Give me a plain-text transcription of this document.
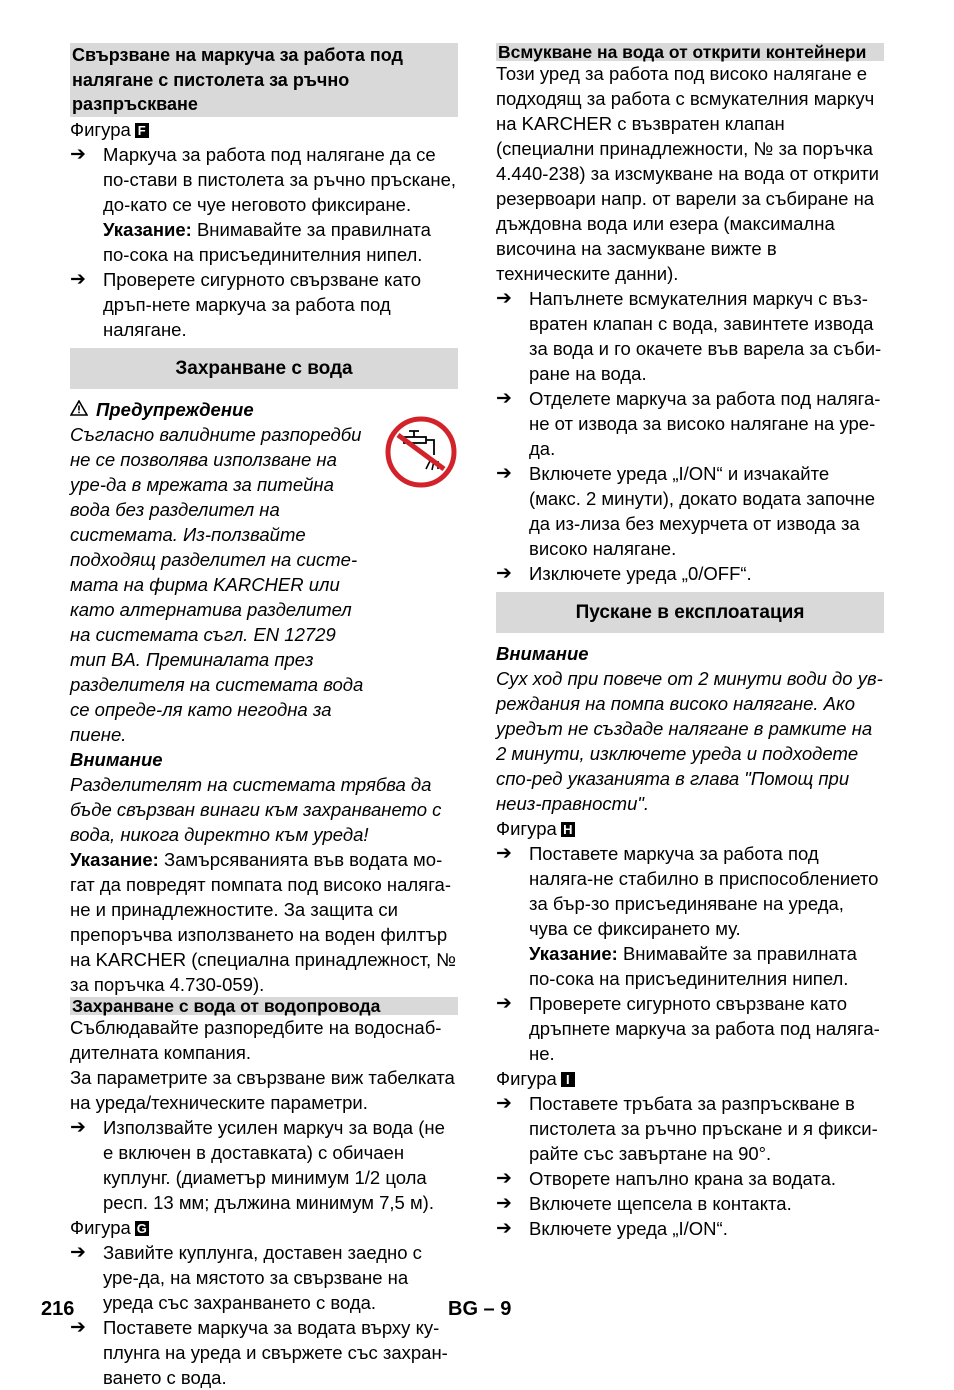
Свързване на маркуча за работа под налягане с пистолета за ръчно разпръскване

Фигура F

➔ Маркуча за работа под налягане да се по-стави в пистолета за ръчно пръскане, до-като се чуе неговото фиксиране.
Указание: Внимавайте за правилната по-сока на присъединителния нипел.
➔ Проверете сигурното свързване като дръп-нете маркуча за работа под налягане.
Захранване с вода

Предупреждение

Съгласно валидните разпоредби не се позволява използване на уре-да в мрежата за питейна вода без разделител на системата. Из-ползвайте подходящ разделител на систе-мата на фирма KARCHER или като алтернатива разделител на системата съгл. EN 12729 тип BA. Преминалата през разделителя на системата вода се опреде-ля като негодна за пиене.

Внимание

Разделителят на системата трябва да бъде свързван винаги към захранването с вода, никога директно към уреда!

Указание: Замърсяванията във водата мо-гат да повредят помпата под високо наляга-не и принадлежностите. За защита си препоръчва използването на воден филтър на KARCHER (специална принадлежност, № за поръчка 4.730-059).

Захранване с вода от водопровода

Съблюдавайте разпоредбите на водоснаб-дителната компания.

За параметрите за свързване виж табелката на уреда/техническите параметри.

➔ Използвайте усилен маркуч за вода (не е включен в доставката) с обичаен куплунг. (диаметър минимум 1/2 цола респ. 13 мм; дължина минимум 7,5 м).

Фигура G

➔ Завийте куплунга, доставен заедно с уре-да, на мястото за свързване на уреда със захранването с вода.
➔ Поставете маркуча за водата върху ку-плунга на уреда и свържете със захран-ването с вода.
Всмукване на вода от открити контейнери

Този уред за работа под високо налягане е подходящ за работа с всмукателния маркуч на KARCHER с възвратен клапан (специални принадлежности, № за поръчка 4.440-238) за изсмукване на вода от открити резервоари напр. от варели за събиране на дъждовна вода или езера (максимална височина на засмукване вижте в техническите данни).

➔ Напълнете всмукателния маркуч с въз-вратен клапан с вода, завинтете извода за вода и го окачете във варела за съби-ране на вода.
➔ Отделете маркуча за работа под наляга-не от извода за високо налягане на уре-да.
➔ Включете уреда „I/ON“ и изчакайте (макс. 2 минути), докато водата започне да из-лиза без мехурчета от извода за високо налягане.
➔ Изключете уреда „0/OFF“.
Пускане в експлоатация

Внимание

Сух ход при повече от 2 минути води до ув-реждания на помпа високо налягане. Ако уредът не създаде налягане в рамките на 2 минути, изключете уреда и подходете спо-ред указанията в глава "Помощ при неиз-правности".

Фигура H

➔ Поставете маркуча за работа под наляга-не стабилно в приспособлението за бър-зо присъединяване на уреда, чува се фиксирането му.
Указание: Внимавайте за правилната по-сока на присъединителния нипел.
➔ Проверете сигурното свързване като дръпнете маркуча за работа под наляга-не.

Фигура I

➔ Поставете тръбата за разпръскване в пистолета за ръчно пръскане и я фикси-райте със завъртане на 90°.
➔ Отворете напълно крана за водата.
➔ Включете щепсела в контакта.
➔ Включете уреда „I/ON“.
216	BG – 9
